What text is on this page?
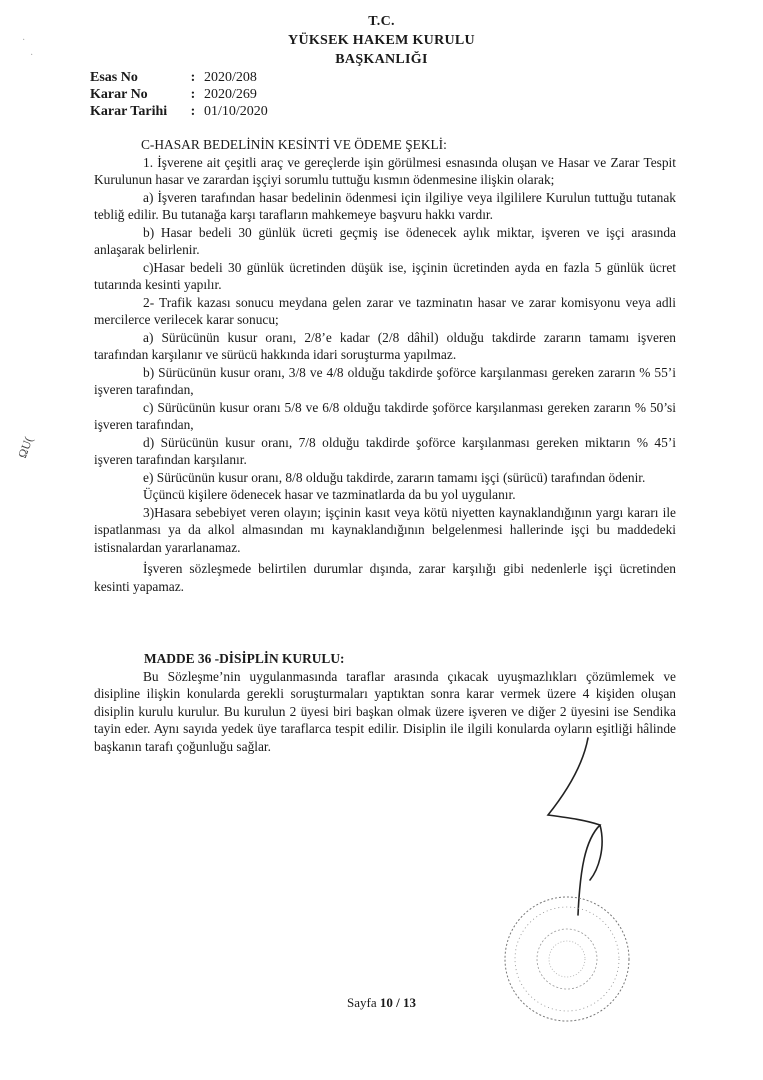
·
·
T.C.
YÜKSEK HAKEM KURULU
BAŞKANLIĞI
Esas No	: 2020/208
Karar No	: 2020/269
Karar Tarihi : 01/10/2020

C-HASAR BEDELİNİN KESİNTİ VE ÖDEME ŞEKLİ:

1. İşverene ait çeşitli araç ve gereçlerde işin görülmesi esnasında oluşan ve Hasar ve Zarar Tespit Kurulunun hasar ve zarardan işçiyi sorumlu tuttuğu kısmın ödenmesine ilişkin olarak;

a) İşveren tarafından hasar bedelinin ödenmesi için ilgiliye veya ilgililere Kurulun tuttuğu tutanak tebliğ edilir. Bu tutanağa karşı tarafların mahkemeye başvuru hakkı vardır.

b) Hasar bedeli 30 günlük ücreti geçmiş ise ödenecek aylık miktar, işveren ve işçi arasında anlaşarak belirlenir.

c)Hasar bedeli 30 günlük ücretinden düşük ise, işçinin ücretinden ayda en fazla 5 günlük ücret tutarında kesinti yapılır.

2- Trafik kazası sonucu meydana gelen zarar ve tazminatın hasar ve zarar komisyonu veya adli mercilerce verilecek karar sonucu;

a) Sürücünün kusur oranı, 2/8’e kadar (2/8 dâhil) olduğu takdirde zararın tamamı işveren tarafından karşılanır ve sürücü hakkında idari soruşturma yapılmaz.

b) Sürücünün kusur oranı, 3/8 ve 4/8 olduğu takdirde şoförce karşılanması gereken zararın % 55’i işveren tarafından,

c) Sürücünün kusur oranı 5/8 ve 6/8 olduğu takdirde şoförce karşılanması gereken zararın % 50’si işveren tarafından,

d) Sürücünün kusur oranı, 7/8 olduğu takdirde şoförce karşılanması gereken miktarın % 45’i işveren tarafından karşılanır.

e) Sürücünün kusur oranı, 8/8 olduğu takdirde, zararın tamamı işçi (sürücü) tarafından ödenir.

Üçüncü kişilere ödenecek hasar ve tazminatlarda da bu yol uygulanır.

3)Hasara sebebiyet veren olayın; işçinin kasıt veya kötü niyetten kaynaklandığının yargı kararı ile ispatlanması ya da alkol almasından mı kaynaklandığının belgelenmesi hallerinde işçi bu maddedeki istisnalardan yararlanamaz.

İşveren sözleşmede belirtilen durumlar dışında, zarar karşılığı gibi nedenlerle işçi ücretinden kesinti yapamaz.

MADDE 36 -DİSİPLİN KURULU:

Bu Sözleşme’nin uygulanmasında taraflar arasında çıkacak uyuşmazlıkları çözümlemek ve disipline ilişkin konularda gerekli soruşturmaları yaptıktan sonra karar vermek üzere 4 kişiden oluşan disiplin kurulu kurulur. Bu kurulun 2 üyesi biri başkan olmak üzere işveren ve diğer 2 üyesini ise Sendika tayin eder. Aynı sayıda yedek üye taraflarca tespit edilir. Disiplin ile ilgili konularda oyların eşitliği hâlinde başkanın tarafı çoğunluğu sağlar.

ΩU(
Sayfa 10 / 13
